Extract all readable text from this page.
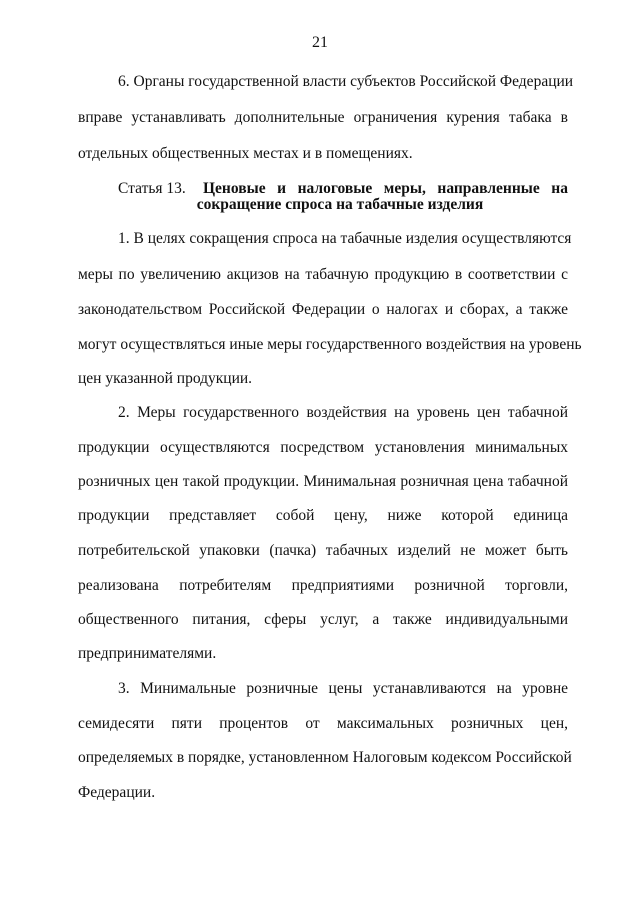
21
6. Органы государственной власти субъектов Российской Федерации
вправе устанавливать дополнительные ограничения курения табака в
отдельных общественных местах и в помещениях.
Статья 13. Ценовые и налоговые меры, направленные на
сокращение спроса на табачные изделия
1. В целях сокращения спроса на табачные изделия осуществляются
меры по увеличению акцизов на табачную продукцию в соответствии с
законодательством Российской Федерации о налогах и сборах, а также
могут осуществляться иные меры государственного воздействия на уровень
цен указанной продукции.
2. Меры государственного воздействия на уровень цен табачной
продукции осуществляются посредством установления минимальных
розничных цен такой продукции. Минимальная розничная цена табачной
продукции представляет собой цену, ниже которой единица
потребительской упаковки (пачка) табачных изделий не может быть
реализована потребителям предприятиями розничной торговли,
общественного питания, сферы услуг, а также индивидуальными
предпринимателями.
3. Минимальные розничные цены устанавливаются на уровне
семидесяти пяти процентов от максимальных розничных цен,
определяемых в порядке, установленном Налоговым кодексом Российской
Федерации.
